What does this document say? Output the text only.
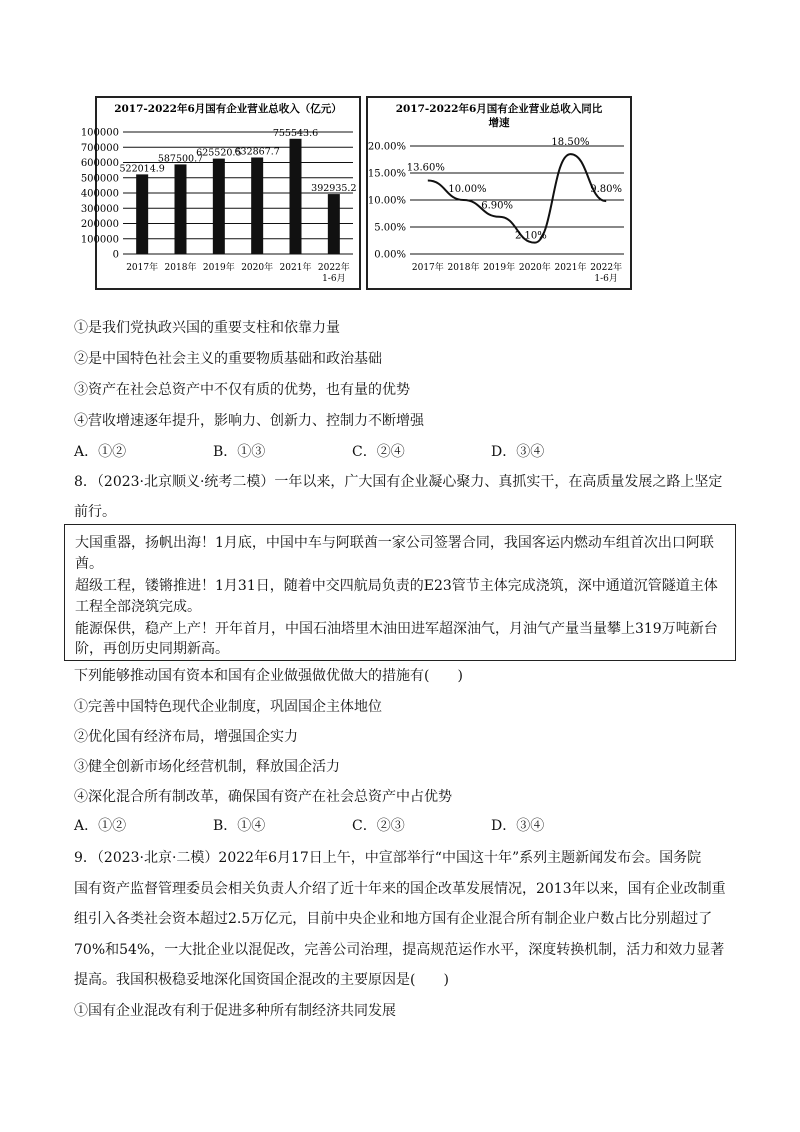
2017-2022年6月国有企业营业总收入（亿元）
0
100000
200000
300000
400000
500000
600000
700000
100000
522014.9
2017年
587500.7
2018年
625520.5
2019年
632867.7
2020年
755543.6
2021年
392935.2
2022年
1-6月
2017-2022年6月国有企业营业总收入同比
增速
0.00%
5.00%
10.00%
15.00%
20.00%
13.60%
10.00%
6.90%
2.10%
18.50%
9.80%
2017年 2018年 2019年 2020年 2021年 2022年
1-6月
①是我们党执政兴国的重要支柱和依靠力量
②是中国特色社会主义的重要物质基础和政治基础
③资产在社会总资产中不仅有质的优势，也有量的优势
④营收增速逐年提升，影响力、创新力、控制力不断增强
A．①②	B．①③	C．②④	D．③④
8．（2023·北京顺义·统考二模）一年以来，广大国有企业凝心聚力、真抓实干，在高质量发展之路上坚定
前行。
大国重器，扬帆出海！1月底，中国中车与阿联酋一家公司签署合同，我国客运内燃动车组首次出口阿联
酋。
超级工程，镂锵推进！1月31日，随着中交四航局负责的E23管节主体完成浇筑，深中通道沉管隧道主体
工程全部浇筑完成。
能源保供，稳产上产！开年首月，中国石油塔里木油田进军超深油气，月油气产量当量攀上319万吨新台
阶，再创历史同期新高。
下列能够推动国有资本和国有企业做强做优做大的措施有(　　)
①完善中国特色现代企业制度，巩固国企主体地位
②优化国有经济布局，增强国企实力
③健全创新市场化经营机制，释放国企活力
④深化混合所有制改革，确保国有资产在社会总资产中占优势
A．①②	B．①④	C．②③	D．③④
9．（2023·北京·二模）2022年6月17日上午，中宣部举行“中国这十年”系列主题新闻发布会。国务院
国有资产监督管理委员会相关负责人介绍了近十年来的国企改革发展情况，2013年以来，国有企业改制重
组引入各类社会资本超过2.5万亿元，目前中央企业和地方国有企业混合所有制企业户数占比分别超过了
70%和54%，一大批企业以混促改，完善公司治理，提高规范运作水平，深度转换机制，活力和效力显著
提高。我国积极稳妥地深化国资国企混改的主要原因是(　　)
①国有企业混改有利于促进多种所有制经济共同发展
